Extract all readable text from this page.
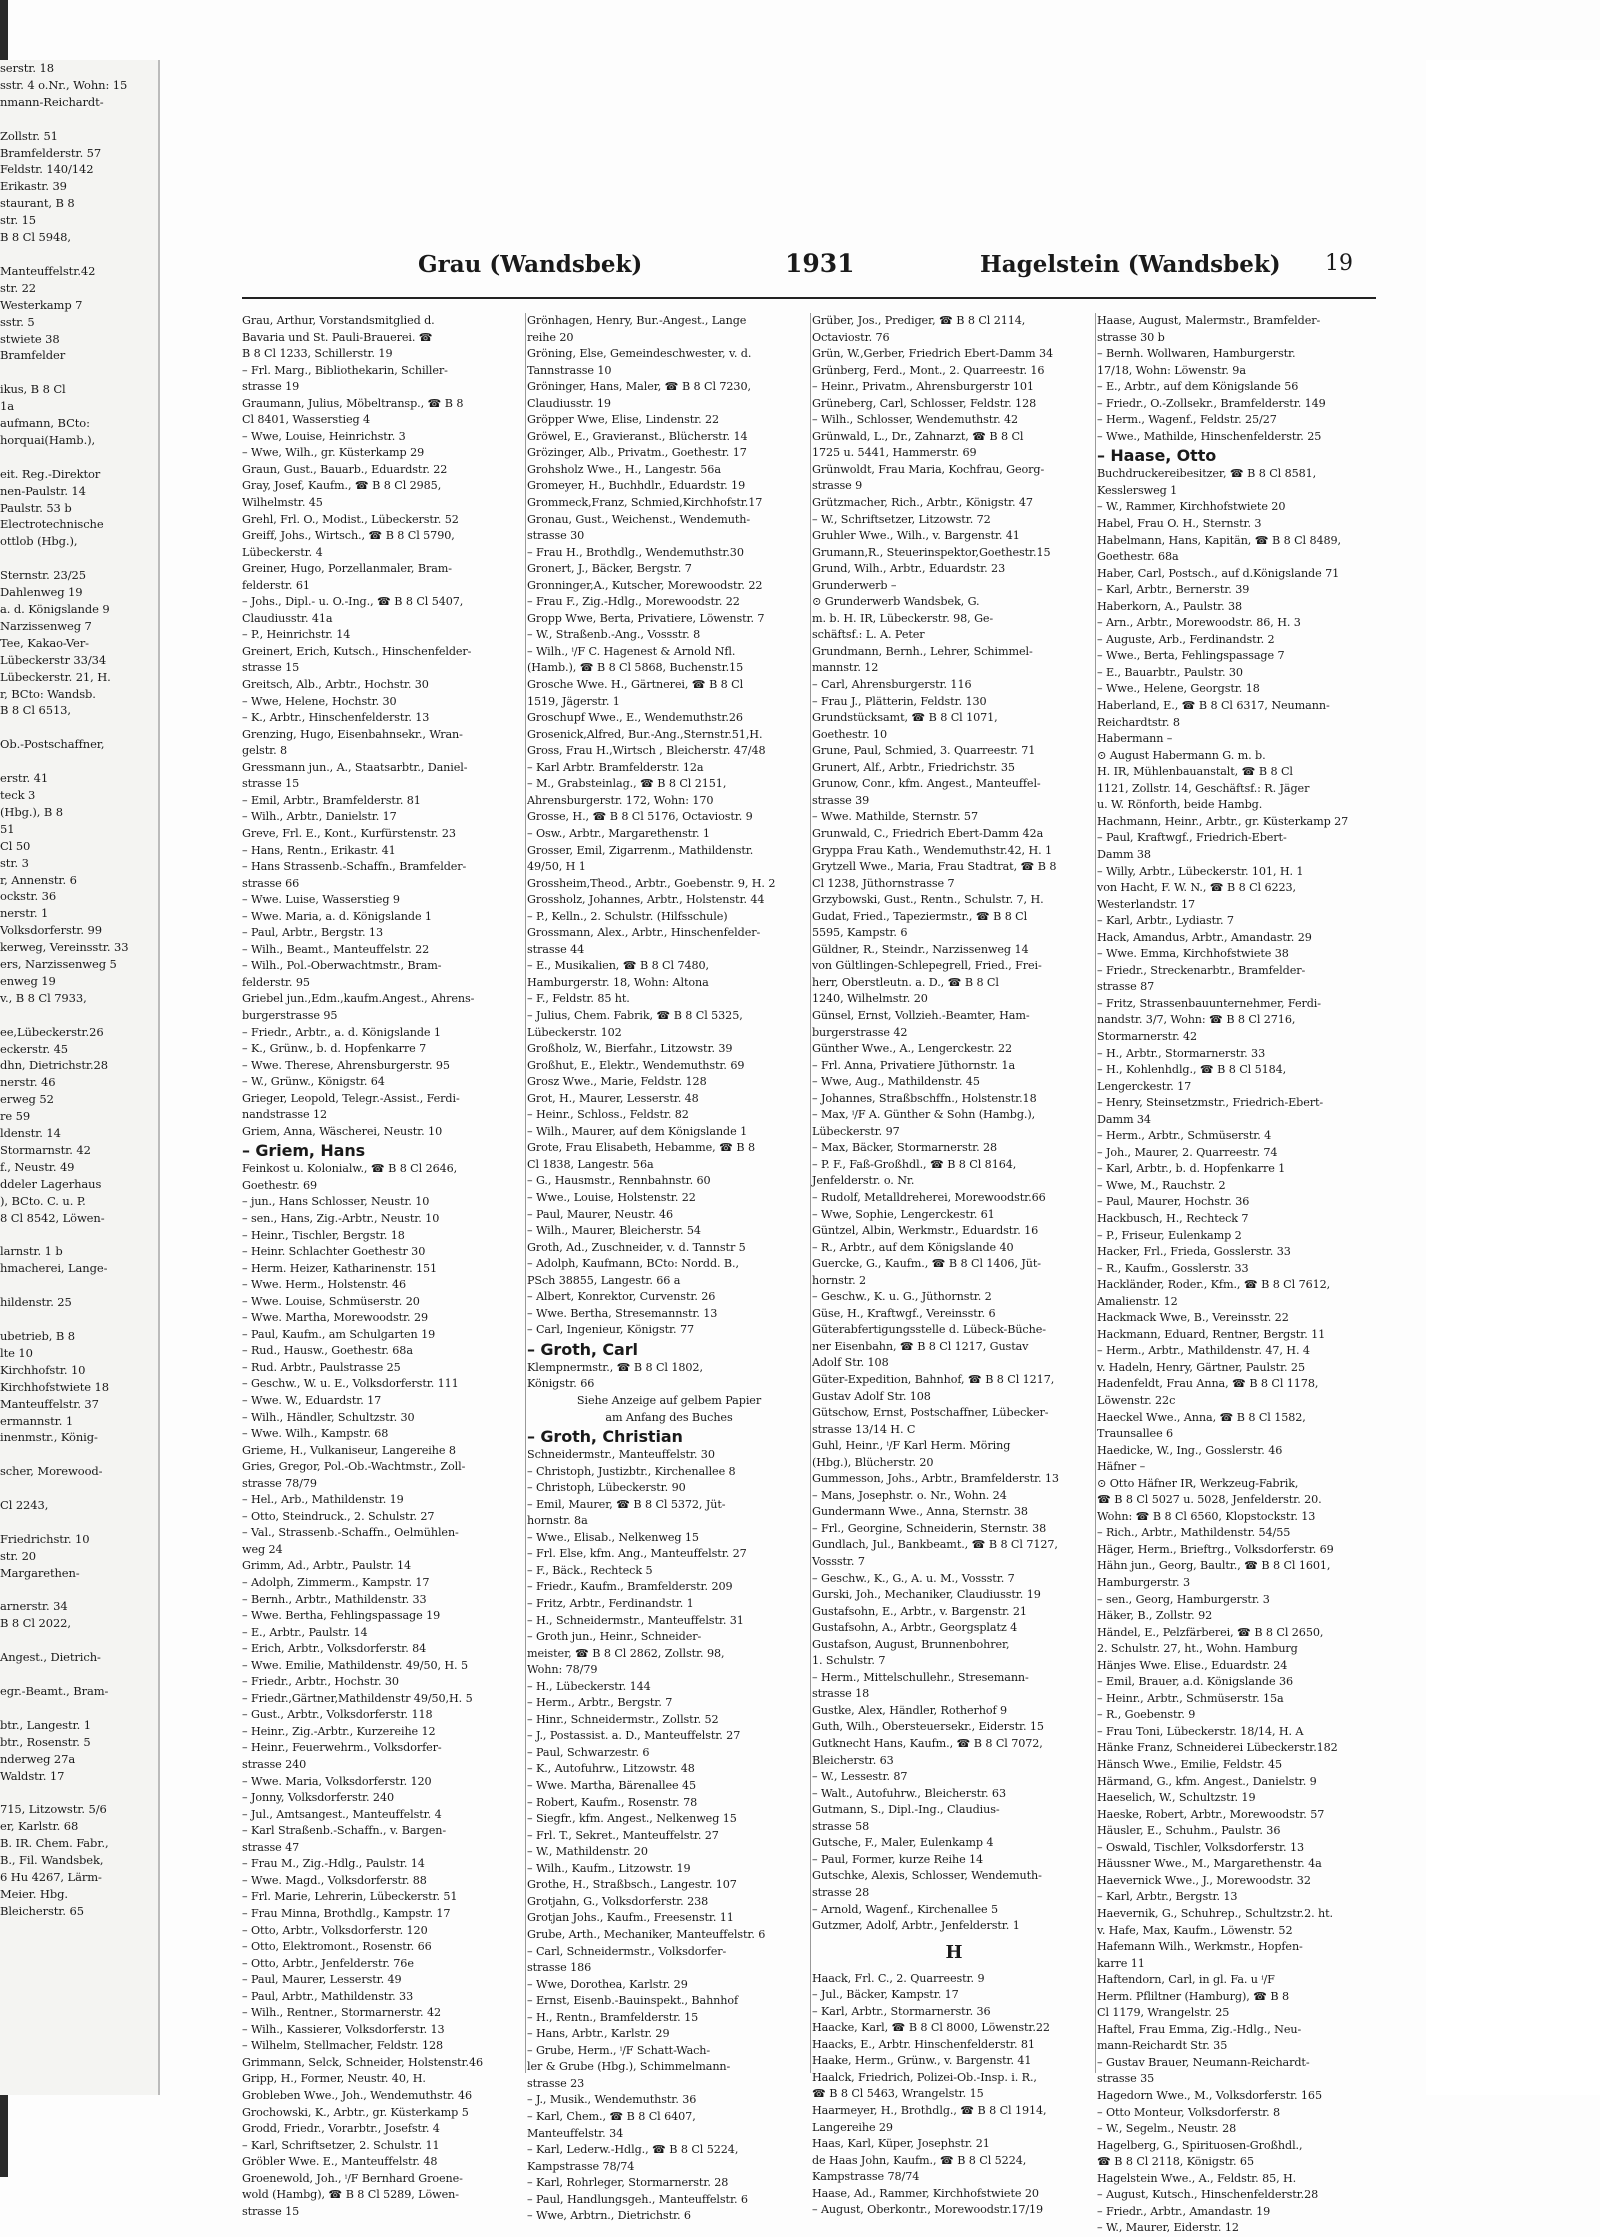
serstr. 18
sstr. 4 o.Nr., Wohn: 15
nmann-Reichardt-

Zollstr. 51
Bramfelderstr. 57
Feldstr. 140/142
Erikastr. 39
staurant, B 8
str. 15
B 8 Cl 5948,

Manteuffelstr.42
str. 22
Westerkamp 7
sstr. 5
stwiete 38
Bramfelder

ikus, B 8 Cl
1a
aufmann, BCto:
horquai(Hamb.),

eit. Reg.-Direktor
nen-Paulstr. 14
Paulstr. 53 b
Electrotechnische
ottlob (Hbg.),

Sternstr. 23/25
Dahlenweg 19
a. d. Königslande 9
Narzissenweg 7
Tee, Kakao-Ver-
Lübeckerstr 33/34
Lübeckerstr. 21, H.
r, BCto: Wandsb.
B 8 Cl 6513,

Ob.-Postschaffner,

erstr. 41
teck 3
(Hbg.), B 8
51
Cl 50
str. 3
r, Annenstr. 6
ockstr. 36
nerstr. 1
Volksdorferstr. 99
kerweg, Vereinsstr. 33
ers, Narzissenweg 5
enweg 19
v., B 8 Cl 7933,

ee,Lübeckerstr.26
eckerstr. 45
dhn, Dietrichstr.28
nerstr. 46
erweg 52
re 59
ldenstr. 14
Stormarnstr. 42
f., Neustr. 49
ddeler Lagerhaus
), BCto. C. u. P.
8 Cl 8542, Löwen-

larnstr. 1 b
hmacherei, Lange-

hildenstr. 25

ubetrieb, B 8
lte 10
Kirchhofstr. 10
Kirchhofstwiete 18
Manteuffelstr. 37
ermannstr. 1
inenmstr., König-

scher, Morewood-

Cl 2243,

Friedrichstr. 10
str. 20
Margarethen-

arnerstr. 34
B 8 Cl 2022,

Angest., Dietrich-

egr.-Beamt., Bram-

btr., Langestr. 1
btr., Rosenstr. 5
nderweg 27a
Waldstr. 17

715, Litzowstr. 5/6
er, Karlstr. 68
B. IR. Chem. Fabr.,
B., Fil. Wandsbek,
6 Hu 4267, Lärm-
Meier. Hbg.
Bleicherstr. 65
Grau (Wandsbek)	1931	Hagelstein (Wandsbek) 19
Grau, Arthur, Vorstandsmitglied d.
Bavaria und St. Pauli-Brauerei. ☎
B 8 Cl 1233, Schillerstr. 19
– Frl. Marg., Bibliothekarin, Schiller-
strasse 19
Graumann, Julius, Möbeltransp., ☎ B 8
Cl 8401, Wasserstieg 4
– Wwe, Louise, Heinrichstr. 3
– Wwe, Wilh., gr. Küsterkamp 29
Graun, Gust., Bauarb., Eduardstr. 22
Gray, Josef, Kaufm., ☎ B 8 Cl 2985,
Wilhelmstr. 45
Grehl, Frl. O., Modist., Lübeckerstr. 52
Greiff, Johs., Wirtsch., ☎ B 8 Cl 5790,
Lübeckerstr. 4
Greiner, Hugo, Porzellanmaler, Bram-
felderstr. 61
– Johs., Dipl.- u. O.-Ing., ☎ B 8 Cl 5407,
Claudiusstr. 41a
– P., Heinrichstr. 14
Greinert, Erich, Kutsch., Hinschenfelder-
strasse 15
Greitsch, Alb., Arbtr., Hochstr. 30
– Wwe, Helene, Hochstr. 30
– K., Arbtr., Hinschenfelderstr. 13
Grenzing, Hugo, Eisenbahnsekr., Wran-
gelstr. 8
Gressmann jun., A., Staatsarbtr., Daniel-
strasse 15
– Emil, Arbtr., Bramfelderstr. 81
– Wilh., Arbtr., Danielstr. 17
Greve, Frl. E., Kont., Kurfürstenstr. 23
– Hans, Rentn., Erikastr. 41
– Hans Strassenb.-Schaffn., Bramfelder-
strasse 66
– Wwe. Luise, Wasserstieg 9
– Wwe. Maria, a. d. Königslande 1
– Paul, Arbtr., Bergstr. 13
– Wilh., Beamt., Manteuffelstr. 22
– Wilh., Pol.-Oberwachtmstr., Bram-
felderstr. 95
Griebel jun.,Edm.,kaufm.Angest., Ahrens-
burgerstrasse 95
– Friedr., Arbtr., a. d. Königslande 1
– K., Grünw., b. d. Hopfenkarre 7
– Wwe. Therese, Ahrensburgerstr. 95
– W., Grünw., Königstr. 64
Grieger, Leopold, Telegr.-Assist., Ferdi-
nandstrasse 12
Griem, Anna, Wäscherei, Neustr. 10
– Griem, Hans
Feinkost u. Kolonialw., ☎ B 8 Cl 2646,
Goethestr. 69
– jun., Hans Schlosser, Neustr. 10
– sen., Hans, Zig.-Arbtr., Neustr. 10
– Heinr., Tischler, Bergstr. 18
– Heinr. Schlachter Goethestr 30
– Herm. Heizer, Katharinenstr. 151
– Wwe. Herm., Holstenstr. 46
– Wwe. Louise, Schmüserstr. 20
– Wwe. Martha, Morewoodstr. 29
– Paul, Kaufm., am Schulgarten 19
– Rud., Hausw., Goethestr. 68a
– Rud. Arbtr., Paulstrasse 25
– Geschw., W. u. E., Volksdorferstr. 111
– Wwe. W., Eduardstr. 17
– Wilh., Händler, Schultzstr. 30
– Wwe. Wilh., Kampstr. 68
Grieme, H., Vulkaniseur, Langereihe 8
Gries, Gregor, Pol.-Ob.-Wachtmstr., Zoll-
strasse 78/79
– Hel., Arb., Mathildenstr. 19
– Otto, Steindruck., 2. Schulstr. 27
– Val., Strassenb.-Schaffn., Oelmühlen-
weg 24
Grimm, Ad., Arbtr., Paulstr. 14
– Adolph, Zimmerm., Kampstr. 17
– Bernh., Arbtr., Mathildenstr. 33
– Wwe. Bertha, Fehlingspassage 19
– E., Arbtr., Paulstr. 14
– Erich, Arbtr., Volksdorferstr. 84
– Wwe. Emilie, Mathildenstr. 49/50, H. 5
– Friedr., Arbtr., Hochstr. 30
– Friedr.,Gärtner,Mathildenstr 49/50,H. 5
– Gust., Arbtr., Volksdorferstr. 118
– Heinr., Zig.-Arbtr., Kurzereihe 12
– Heinr., Feuerwehrm., Volksdorfer-
strasse 240
– Wwe. Maria, Volksdorferstr. 120
– Jonny, Volksdorferstr. 240
– Jul., Amtsangest., Manteuffelstr. 4
– Karl Straßenb.-Schaffn., v. Bargen-
strasse 47
– Frau M., Zig.-Hdlg., Paulstr. 14
– Wwe. Magd., Volksdorferstr. 88
– Frl. Marie, Lehrerin, Lübeckerstr. 51
– Frau Minna, Brothdlg., Kampstr. 17
– Otto, Arbtr., Volksdorferstr. 120
– Otto, Elektromont., Rosenstr. 66
– Otto, Arbtr., Jenfelderstr. 76e
– Paul, Maurer, Lesserstr. 49
– Paul, Arbtr., Mathildenstr. 33
– Wilh., Rentner., Stormarnerstr. 42
– Wilh., Kassierer, Volksdorferstr. 13
– Wilhelm, Stellmacher, Feldstr. 128
Grimmann, Selck, Schneider, Holstenstr.46
Gripp, H., Former, Neustr. 40, H.
Grobleben Wwe., Joh., Wendemuthstr. 46
Grochowski, K., Arbtr., gr. Küsterkamp 5
Grodd, Friedr., Vorarbtr., Josefstr. 4
– Karl, Schriftsetzer, 2. Schulstr. 11
Gröbler Wwe. E., Manteuffelstr. 48
Groenewold, Joh., ⁱ/F Bernhard Groene-
wold (Hambg), ☎ B 8 Cl 5289, Löwen-
strasse 15
Grönhagen, Henry, Bur.-Angest., Lange
reihe 20
Gröning, Else, Gemeindeschwester, v. d.
Tannstrasse 10
Gröninger, Hans, Maler, ☎ B 8 Cl 7230,
Claudiusstr. 19
Gröpper Wwe, Elise, Lindenstr. 22
Gröwel, E., Gravieranst., Blücherstr. 14
Grözinger, Alb., Privatm., Goethestr. 17
Grohsholz Wwe., H., Langestr. 56a
Gromeyer, H., Buchhdlr., Eduardstr. 19
Grommeck,Franz, Schmied,Kirchhofstr.17
Gronau, Gust., Weichenst., Wendemuth-
strasse 30
– Frau H., Brothdlg., Wendemuthstr.30
Gronert, J., Bäcker, Bergstr. 7
Gronninger,A., Kutscher, Morewoodstr. 22
– Frau F., Zig.-Hdlg., Morewoodstr. 22
Gropp Wwe, Berta, Privatiere, Löwenstr. 7
– W., Straßenb.-Ang., Vossstr. 8
– Wilh., ⁱ/F C. Hagenest & Arnold Nfl.
(Hamb.), ☎ B 8 Cl 5868, Buchenstr.15
Grosche Wwe. H., Gärtnerei, ☎ B 8 Cl
1519, Jägerstr. 1
Groschupf Wwe., E., Wendemuthstr.26
Grosenick,Alfred, Bur.-Ang.,Sternstr.51,H.
Gross, Frau H.,Wirtsch , Bleicherstr. 47/48
– Karl Arbtr. Bramfelderstr. 12a
– M., Grabsteinlag., ☎ B 8 Cl 2151,
Ahrensburgerstr. 172, Wohn: 170
Grosse, H., ☎ B 8 Cl 5176, Octaviostr. 9
– Osw., Arbtr., Margarethenstr. 1
Grosser, Emil, Zigarrenm., Mathildenstr.
49/50, H 1
Grossheim,Theod., Arbtr., Goebenstr. 9, H. 2
Grossholz, Johannes, Arbtr., Holstenstr. 44
– P., Kelln., 2. Schulstr. (Hilfsschule)
Grossmann, Alex., Arbtr., Hinschenfelder-
strasse 44
– E., Musikalien, ☎ B 8 Cl 7480,
Hamburgerstr. 18, Wohn: Altona
– F., Feldstr. 85 ht.
– Julius, Chem. Fabrik, ☎ B 8 Cl 5325,
Lübeckerstr. 102
Großholz, W., Bierfahr., Litzowstr. 39
Großhut, E., Elektr., Wendemuthstr. 69
Grosz Wwe., Marie, Feldstr. 128
Grot, H., Maurer, Lesserstr. 48
– Heinr., Schloss., Feldstr. 82
– Wilh., Maurer, auf dem Königslande 1
Grote, Frau Elisabeth, Hebamme, ☎ B 8
Cl 1838, Langestr. 56a
– G., Hausmstr., Rennbahnstr. 60
– Wwe., Louise, Holstenstr. 22
– Paul, Maurer, Neustr. 46
– Wilh., Maurer, Bleicherstr. 54
Groth, Ad., Zuschneider, v. d. Tannstr 5
– Adolph, Kaufmann, BCto: Nordd. B.,
PSch 38855, Langestr. 66 a
– Albert, Konrektor, Curvenstr. 26
– Wwe. Bertha, Stresemannstr. 13
– Carl, Ingenieur, Königstr. 77
– Groth, Carl
Klempnermstr., ☎ B 8 Cl 1802,
Königstr. 66
Siehe Anzeige auf gelbem Papier
am Anfang des Buches
– Groth, Christian
Schneidermstr., Manteuffelstr. 30
– Christoph, Justizbtr., Kirchenallee 8
– Christoph, Lübeckerstr. 90
– Emil, Maurer, ☎ B 8 Cl 5372, Jüt-
hornstr. 8a
– Wwe., Elisab., Nelkenweg 15
– Frl. Else, kfm. Ang., Manteuffelstr. 27
– F., Bäck., Rechteck 5
– Friedr., Kaufm., Bramfelderstr. 209
– Fritz, Arbtr., Ferdinandstr. 1
– H., Schneidermstr., Manteuffelstr. 31
– Groth jun., Heinr., Schneider-
meister, ☎ B 8 Cl 2862, Zollstr. 98,
Wohn: 78/79
– H., Lübeckerstr. 144
– Herm., Arbtr., Bergstr. 7
– Hinr., Schneidermstr., Zollstr. 52
– J., Postassist. a. D., Manteuffelstr. 27
– Paul, Schwarzestr. 6
– K., Autofuhrw., Litzowstr. 48
– Wwe. Martha, Bärenallee 45
– Robert, Kaufm., Rosenstr. 78
– Siegfr., kfm. Angest., Nelkenweg 15
– Frl. T., Sekret., Manteuffelstr. 27
– W., Mathildenstr. 20
– Wilh., Kaufm., Litzowstr. 19
Grothe, H., Straßbsch., Langestr. 107
Grotjahn, G., Volksdorferstr. 238
Grotjan Johs., Kaufm., Freesenstr. 11
Grube, Arth., Mechaniker, Manteuffelstr. 6
– Carl, Schneidermstr., Volksdorfer-
strasse 186
– Wwe, Dorothea, Karlstr. 29
– Ernst, Eisenb.-Bauinspekt., Bahnhof
– H., Rentn., Bramfelderstr. 15
– Hans, Arbtr., Karlstr. 29
– Grube, Herm., ⁱ/F Schatt-Wach-
ler & Grube (Hbg.), Schimmelmann-
strasse 23
– J., Musik., Wendemuthstr. 36
– Karl, Chem., ☎ B 8 Cl 6407,
Manteuffelstr. 34
– Karl, Lederw.-Hdlg., ☎ B 8 Cl 5224,
Kampstrasse 78/74
– Karl, Rohrleger, Stormarnerstr. 28
– Paul, Handlungsgeh., Manteuffelstr. 6
– Wwe, Arbtrn., Dietrichstr. 6
Grüber, Jos., Prediger, ☎ B 8 Cl 2114,
Octaviostr. 76
Grün, W.,Gerber, Friedrich Ebert-Damm 34
Grünberg, Ferd., Mont., 2. Quarreestr. 16
– Heinr., Privatm., Ahrensburgerstr 101
Grüneberg, Carl, Schlosser, Feldstr. 128
– Wilh., Schlosser, Wendemuthstr. 42
Grünwald, L., Dr., Zahnarzt, ☎ B 8 Cl
1725 u. 5441, Hammerstr. 69
Grünwoldt, Frau Maria, Kochfrau, Georg-
strasse 9
Grützmacher, Rich., Arbtr., Königstr. 47
– W., Schriftsetzer, Litzowstr. 72
Gruhler Wwe., Wilh., v. Bargenstr. 41
Grumann,R., Steuerinspektor,Goethestr.15
Grund, Wilh., Arbtr., Eduardstr. 23
Grunderwerb –
⊙ Grunderwerb Wandsbek, G.
m. b. H. IR, Lübeckerstr. 98, Ge-
schäftsf.: L. A. Peter
Grundmann, Bernh., Lehrer, Schimmel-
mannstr. 12
– Carl, Ahrensburgerstr. 116
– Frau J., Plätterin, Feldstr. 130
Grundstücksamt, ☎ B 8 Cl 1071,
Goethestr. 10
Grune, Paul, Schmied, 3. Quarreestr. 71
Grunert, Alf., Arbtr., Friedrichstr. 35
Grunow, Conr., kfm. Angest., Manteuffel-
strasse 39
– Wwe. Mathilde, Sternstr. 57
Grunwald, C., Friedrich Ebert-Damm 42a
Gryppa Frau Kath., Wendemuthstr.42, H. 1
Grytzell Wwe., Maria, Frau Stadtrat, ☎ B 8
Cl 1238, Jüthornstrasse 7
Grzybowski, Gust., Rentn., Schulstr. 7, H.
Gudat, Fried., Tapeziermstr., ☎ B 8 Cl
5595, Kampstr. 6
Güldner, R., Steindr., Narzissenweg 14
von Gültlingen-Schlepegrell, Fried., Frei-
herr, Oberstleutn. a. D., ☎ B 8 Cl
1240, Wilhelmstr. 20
Günsel, Ernst, Vollzieh.-Beamter, Ham-
burgerstrasse 42
Günther Wwe., A., Lengerckestr. 22
– Frl. Anna, Privatiere Jüthornstr. 1a
– Wwe, Aug., Mathildenstr. 45
– Johannes, Straßbschffn., Holstenstr.18
– Max, ⁱ/F A. Günther & Sohn (Hambg.),
Lübeckerstr. 97
– Max, Bäcker, Stormarnerstr. 28
– P. F., Faß-Großhdl., ☎ B 8 Cl 8164,
Jenfelderstr. o. Nr.
– Rudolf, Metalldreherei, Morewoodstr.66
– Wwe, Sophie, Lengerckestr. 61
Güntzel, Albin, Werkmstr., Eduardstr. 16
– R., Arbtr., auf dem Königslande 40
Guercke, G., Kaufm., ☎ B 8 Cl 1406, Jüt-
hornstr. 2
– Geschw., K. u. G., Jüthornstr. 2
Güse, H., Kraftwgf., Vereinsstr. 6
Güterabfertigungsstelle d. Lübeck-Büche-
ner Eisenbahn, ☎ B 8 Cl 1217, Gustav
Adolf Str. 108
Güter-Expedition, Bahnhof, ☎ B 8 Cl 1217,
Gustav Adolf Str. 108
Gütschow, Ernst, Postschaffner, Lübecker-
strasse 13/14 H. C
Guhl, Heinr., ⁱ/F Karl Herm. Möring
(Hbg.), Blücherstr. 20
Gummesson, Johs., Arbtr., Bramfelderstr. 13
– Mans, Josephstr. o. Nr., Wohn. 24
Gundermann Wwe., Anna, Sternstr. 38
– Frl., Georgine, Schneiderin, Sternstr. 38
Gundlach, Jul., Bankbeamt., ☎ B 8 Cl 7127,
Vossstr. 7
– Geschw., K., G., A. u. M., Vossstr. 7
Gurski, Joh., Mechaniker, Claudiusstr. 19
Gustafsohn, E., Arbtr., v. Bargenstr. 21
Gustafsohn, A., Arbtr., Georgsplatz 4
Gustafson, August, Brunnenbohrer,
1. Schulstr. 7
– Herm., Mittelschullehr., Stresemann-
strasse 18
Gustke, Alex, Händler, Rotherhof 9
Guth, Wilh., Obersteuersekr., Eiderstr. 15
Gutknecht Hans, Kaufm., ☎ B 8 Cl 7072,
Bleicherstr. 63
– W., Lessestr. 87
– Walt., Autofuhrw., Bleicherstr. 63
Gutmann, S., Dipl.-Ing., Claudius-
strasse 58
Gutsche, F., Maler, Eulenkamp 4
– Paul, Former, kurze Reihe 14
Gutschke, Alexis, Schlosser, Wendemuth-
strasse 28
– Arnold, Wagenf., Kirchenallee 5
Gutzmer, Adolf, Arbtr., Jenfelderstr. 1
H
Haack, Frl. C., 2. Quarreestr. 9
– Jul., Bäcker, Kampstr. 17
– Karl, Arbtr., Stormarnerstr. 36
Haacke, Karl, ☎ B 8 Cl 8000, Löwenstr.22
Haacks, E., Arbtr. Hinschenfelderstr. 81
Haake, Herm., Grünw., v. Bargenstr. 41
Haalck, Friedrich, Polizei-Ob.-Insp. i. R.,
☎ B 8 Cl 5463, Wrangelstr. 15
Haarmeyer, H., Brothdlg., ☎ B 8 Cl 1914,
Langereihe 29
Haas, Karl, Küper, Josephstr. 21
de Haas John, Kaufm., ☎ B 8 Cl 5224,
Kampstrasse 78/74
Haase, Ad., Rammer, Kirchhofstwiete 20
– August, Oberkontr., Morewoodstr.17/19
Haase, August, Malermstr., Bramfelder-
strasse 30 b
– Bernh. Wollwaren, Hamburgerstr.
17/18, Wohn: Löwenstr. 9a
– E., Arbtr., auf dem Königslande 56
– Friedr., O.-Zollsekr., Bramfelderstr. 149
– Herm., Wagenf., Feldstr. 25/27
– Wwe., Mathilde, Hinschenfelderstr. 25
– Haase, Otto
Buchdruckereibesitzer, ☎ B 8 Cl 8581,
Kesslersweg 1
– W., Rammer, Kirchhofstwiete 20
Habel, Frau O. H., Sternstr. 3
Habelmann, Hans, Kapitän, ☎ B 8 Cl 8489,
Goethestr. 68a
Haber, Carl, Postsch., auf d.Königslande 71
– Karl, Arbtr., Bernerstr. 39
Haberkorn, A., Paulstr. 38
– Arn., Arbtr., Morewoodstr. 86, H. 3
– Auguste, Arb., Ferdinandstr. 2
– Wwe., Berta, Fehlingspassage 7
– E., Bauarbtr., Paulstr. 30
– Wwe., Helene, Georgstr. 18
Haberland, E., ☎ B 8 Cl 6317, Neumann-
Reichardtstr. 8
Habermann –
⊙ August Habermann G. m. b.
H. IR, Mühlenbauanstalt, ☎ B 8 Cl
1121, Zollstr. 14, Geschäftsf.: R. Jäger
u. W. Rönforth, beide Hambg.
Hachmann, Heinr., Arbtr., gr. Küsterkamp 27
– Paul, Kraftwgf., Friedrich-Ebert-
Damm 38
– Willy, Arbtr., Lübeckerstr. 101, H. 1
von Hacht, F. W. N., ☎ B 8 Cl 6223,
Westerlandstr. 17
– Karl, Arbtr., Lydiastr. 7
Hack, Amandus, Arbtr., Amandastr. 29
– Wwe. Emma, Kirchhofstwiete 38
– Friedr., Streckenarbtr., Bramfelder-
strasse 87
– Fritz, Strassenbauunternehmer, Ferdi-
nandstr. 3/7, Wohn: ☎ B 8 Cl 2716,
Stormarnerstr. 42
– H., Arbtr., Stormarnerstr. 33
– H., Kohlenhdlg., ☎ B 8 Cl 5184,
Lengerckestr. 17
– Henry, Steinsetzmstr., Friedrich-Ebert-
Damm 34
– Herm., Arbtr., Schmüserstr. 4
– Joh., Maurer, 2. Quarreestr. 74
– Karl, Arbtr., b. d. Hopfenkarre 1
– Wwe, M., Rauchstr. 2
– Paul, Maurer, Hochstr. 36
Hackbusch, H., Rechteck 7
– P., Friseur, Eulenkamp 2
Hacker, Frl., Frieda, Gosslerstr. 33
– R., Kaufm., Gosslerstr. 33
Hackländer, Roder., Kfm., ☎ B 8 Cl 7612,
Amalienstr. 12
Hackmack Wwe, B., Vereinsstr. 22
Hackmann, Eduard, Rentner, Bergstr. 11
– Herm., Arbtr., Mathildenstr. 47, H. 4
v. Hadeln, Henry, Gärtner, Paulstr. 25
Hadenfeldt, Frau Anna, ☎ B 8 Cl 1178,
Löwenstr. 22c
Haeckel Wwe., Anna, ☎ B 8 Cl 1582,
Traunsallee 6
Haedicke, W., Ing., Gosslerstr. 46
Häfner –
⊙ Otto Häfner IR, Werkzeug-Fabrik,
☎ B 8 Cl 5027 u. 5028, Jenfelderstr. 20.
Wohn: ☎ B 8 Cl 6560, Klopstockstr. 13
– Rich., Arbtr., Mathildenstr. 54/55
Häger, Herm., Brieftrg., Volksdorferstr. 69
Hähn jun., Georg, Baultr., ☎ B 8 Cl 1601,
Hamburgerstr. 3
– sen., Georg, Hamburgerstr. 3
Häker, B., Zollstr. 92
Händel, E., Pelzfärberei, ☎ B 8 Cl 2650,
2. Schulstr. 27, ht., Wohn. Hamburg
Hänjes Wwe. Elise., Eduardstr. 24
– Emil, Brauer, a.d. Königslande 36
– Heinr., Arbtr., Schmüserstr. 15a
– R., Goebenstr. 9
– Frau Toni, Lübeckerstr. 18/14, H. A
Hänke Franz, Schneiderei Lübeckerstr.182
Hänsch Wwe., Emilie, Feldstr. 45
Härmand, G., kfm. Angest., Danielstr. 9
Haeselich, W., Schultzstr. 19
Haeske, Robert, Arbtr., Morewoodstr. 57
Häusler, E., Schuhm., Paulstr. 36
– Oswald, Tischler, Volksdorferstr. 13
Häussner Wwe., M., Margarethenstr. 4a
Haevernick Wwe., J., Morewoodstr. 32
– Karl, Arbtr., Bergstr. 13
Haevernik, G., Schuhrep., Schultzstr.2. ht.
v. Hafe, Max, Kaufm., Löwenstr. 52
Hafemann Wilh., Werkmstr., Hopfen-
karre 11
Haftendorn, Carl, in gl. Fa. u ⁱ/F
Herm. Pfliltner (Hamburg), ☎ B 8
Cl 1179, Wrangelstr. 25
Haftel, Frau Emma, Zig.-Hdlg., Neu-
mann-Reichardt Str. 35
– Gustav Brauer, Neumann-Reichardt-
strasse 35
Hagedorn Wwe., M., Volksdorferstr. 165
– Otto Monteur, Volksdorferstr. 8
– W., Segelm., Neustr. 28
Hagelberg, G., Spirituosen-Großhdl.,
☎ B 8 Cl 2118, Königstr. 65
Hagelstein Wwe., A., Feldstr. 85, H.
– August, Kutsch., Hinschenfelderstr.28
– Friedr., Arbtr., Amandastr. 19
– W., Maurer, Eiderstr. 12
